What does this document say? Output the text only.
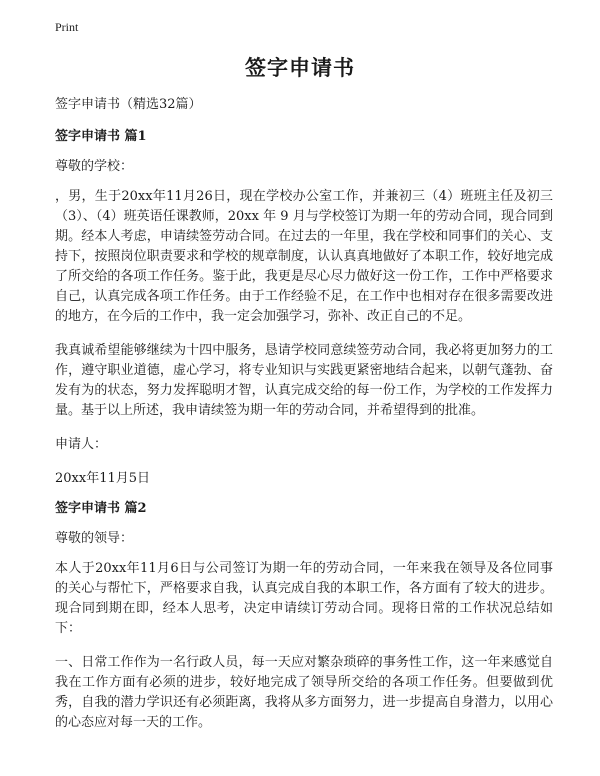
Print
签字申请书

签字申请书（精选32篇）

签字申请书 篇1

尊敬的学校：

，男，生于20xx年11月26日，现在学校办公室工作，并兼初三（4）班班主任及初三（3）、（4）班英语任课教师，20xx 年 9 月与学校签订为期一年的劳动合同，现合同到期。经本人考虑，申请续签劳动合同。在过去的一年里，我在学校和同事们的关心、支持下，按照岗位职责要求和学校的规章制度，认认真真地做好了本职工作，较好地完成了所交给的各项工作任务。鉴于此，我更是尽心尽力做好这一份工作，工作中严格要求自己，认真完成各项工作任务。由于工作经验不足，在工作中也相对存在很多需要改进的地方，在今后的工作中，我一定会加强学习，弥补、改正自己的不足。

我真诚希望能够继续为十四中服务，恳请学校同意续签劳动合同，我必将更加努力的工作，遵守职业道德，虚心学习，将专业知识与实践更紧密地结合起来，以朝气蓬勃、奋发有为的状态，努力发挥聪明才智，认真完成交给的每一份工作，为学校的工作发挥力量。基于以上所述，我申请续签为期一年的劳动合同，并希望得到的批准。

申请人：

20xx年11月5日

签字申请书 篇2

尊敬的领导：

本人于20xx年11月6日与公司签订为期一年的劳动合同，一年来我在领导及各位同事的关心与帮忙下，严格要求自我，认真完成自我的本职工作，各方面有了较大的进步。现合同到期在即，经本人思考，决定申请续订劳动合同。现将日常的工作状况总结如下：

一、日常工作作为一名行政人员，每一天应对繁杂琐碎的事务性工作，这一年来感觉自我在工作方面有必须的进步，较好地完成了领导所交给的各项工作任务。但要做到优秀，自我的潜力学识还有必须距离，我将从多方面努力，进一步提高自身潜力，以用心的心态应对每一天的工作。
